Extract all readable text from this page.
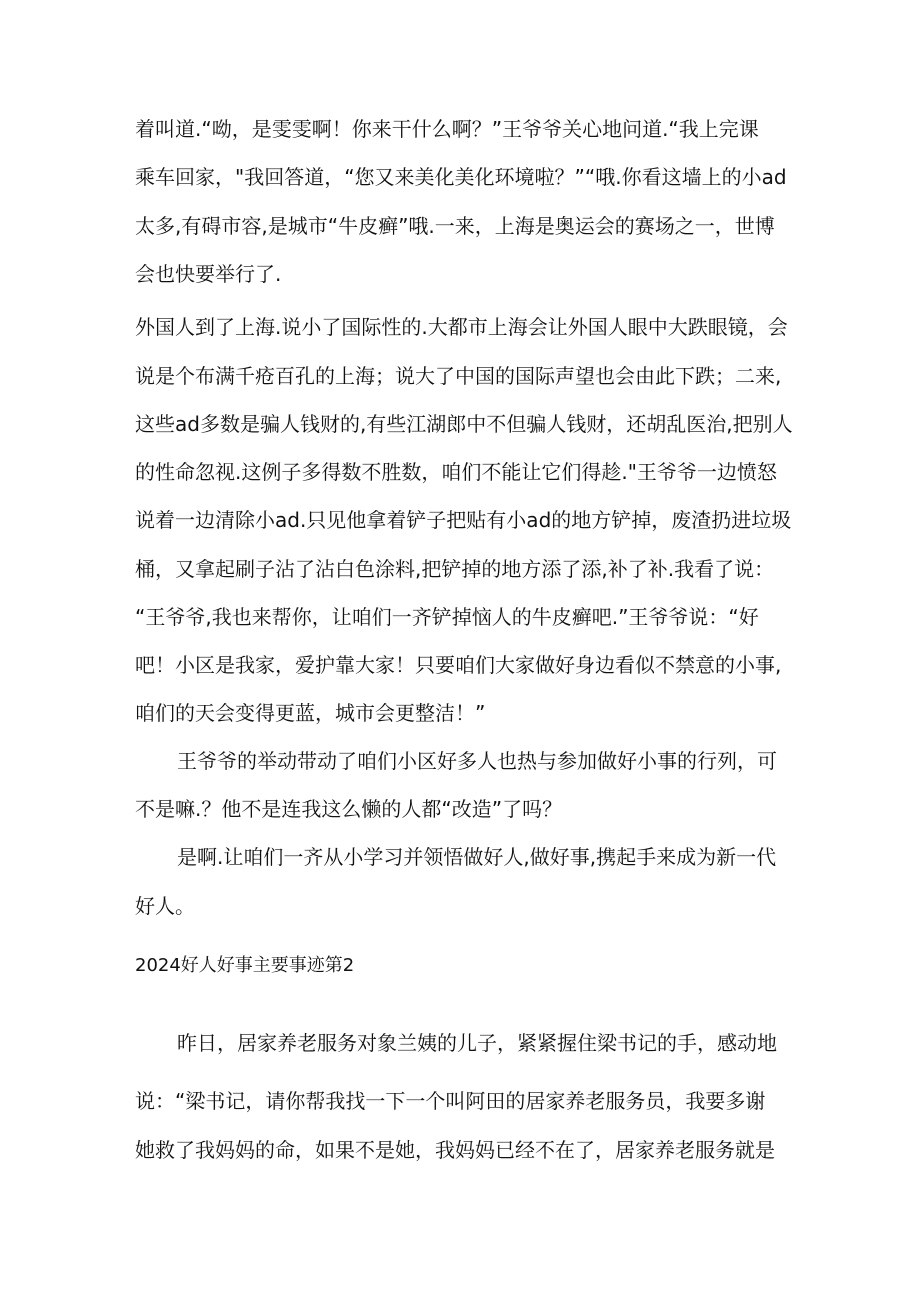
着叫道.“呦，是雯雯啊！你来干什么啊？”王爷爷关心地问道.“我上完课
乘车回家，"我回答道，“您又来美化美化环境啦？”“哦.你看这墙上的小ad
太多,有碍市容,是城市“牛皮癣”哦.一来，上海是奥运会的赛场之一，世博
会也快要举行了.
外国人到了上海.说小了国际性的.大都市上海会让外国人眼中大跌眼镜，会
说是个布满千疮百孔的上海；说大了中国的国际声望也会由此下跌；二来,
这些ad多数是骗人钱财的,有些江湖郎中不但骗人钱财，还胡乱医治,把别人
的性命忽视.这例子多得数不胜数，咱们不能让它们得趁."王爷爷一边愤怒
说着一边清除小ad.只见他拿着铲子把贴有小ad的地方铲掉，废渣扔进垃圾
桶，又拿起刷子沾了沾白色涂料,把铲掉的地方添了添,补了补.我看了说：
“王爷爷,我也来帮你，让咱们一齐铲掉恼人的牛皮癣吧.”王爷爷说：“好
吧！小区是我家，爱护靠大家！只要咱们大家做好身边看似不禁意的小事,
咱们的天会变得更蓝，城市会更整洁！”
王爷爷的举动带动了咱们小区好多人也热与参加做好小事的行列，可
不是嘛.？他不是连我这么懒的人都“改造”了吗？
是啊.让咱们一齐从小学习并领悟做好人,做好事,携起手来成为新一代
好人。
2024好人好事主要事迹第2
昨日，居家养老服务对象兰姨的儿子，紧紧握住梁书记的手，感动地
说：“梁书记，请你帮我找一下一个叫阿田的居家养老服务员，我要多谢
她救了我妈妈的命，如果不是她，我妈妈已经不在了，居家养老服务就是
